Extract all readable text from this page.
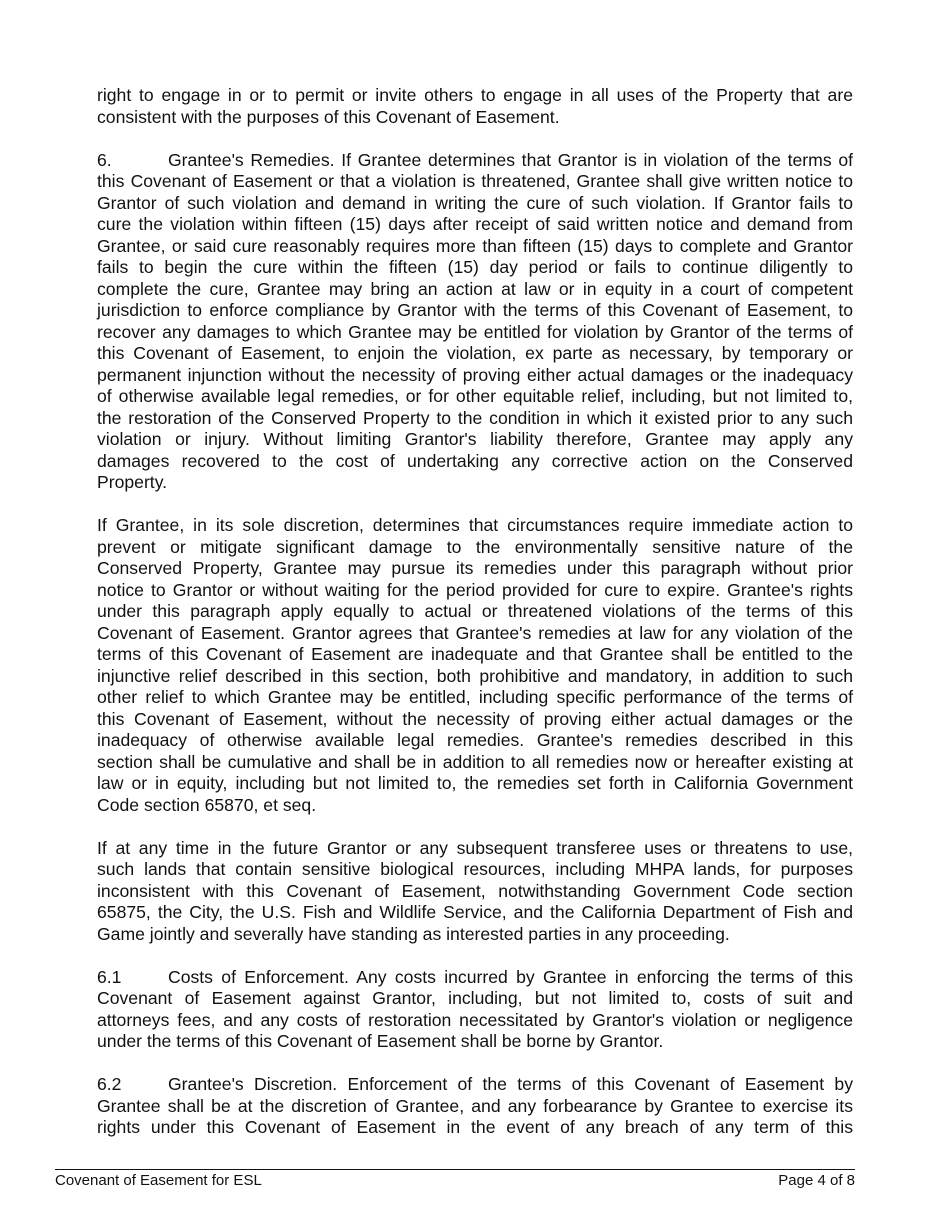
right to engage in or to permit or invite others to engage in all uses of the Property that are
consistent with the purposes of this Covenant of Easement.
6.	Grantee's Remedies. If Grantee determines that Grantor is in violation of the terms of
this Covenant of Easement or that a violation is threatened, Grantee shall give written notice to
Grantor of such violation and demand in writing the cure of such violation. If Grantor fails to
cure the violation within fifteen (15) days after receipt of said written notice and demand from
Grantee, or said cure reasonably requires more than fifteen (15) days to complete and Grantor
fails to begin the cure within the fifteen (15) day period or fails to continue diligently to
complete the cure, Grantee may bring an action at law or in equity in a court of competent
jurisdiction to enforce compliance by Grantor with the terms of this Covenant of Easement, to
recover any damages to which Grantee may be entitled for violation by Grantor of the terms of
this Covenant of Easement, to enjoin the violation, ex parte as necessary, by temporary or
permanent injunction without the necessity of proving either actual damages or the inadequacy
of otherwise available legal remedies, or for other equitable relief, including, but not limited to,
the restoration of the Conserved Property to the condition in which it existed prior to any such
violation or injury. Without limiting Grantor's liability therefore, Grantee may apply any
damages recovered to the cost of undertaking any corrective action on the Conserved
Property.
If Grantee, in its sole discretion, determines that circumstances require immediate action to
prevent or mitigate significant damage to the environmentally sensitive nature of the
Conserved Property, Grantee may pursue its remedies under this paragraph without prior
notice to Grantor or without waiting for the period provided for cure to expire. Grantee's rights
under this paragraph apply equally to actual or threatened violations of the terms of this
Covenant of Easement. Grantor agrees that Grantee's remedies at law for any violation of the
terms of this Covenant of Easement are inadequate and that Grantee shall be entitled to the
injunctive relief described in this section, both prohibitive and mandatory, in addition to such
other relief to which Grantee may be entitled, including specific performance of the terms of
this Covenant of Easement, without the necessity of proving either actual damages or the
inadequacy of otherwise available legal remedies. Grantee's remedies described in this
section shall be cumulative and shall be in addition to all remedies now or hereafter existing at
law or in equity, including but not limited to, the remedies set forth in California Government
Code section 65870, et seq.
If at any time in the future Grantor or any subsequent transferee uses or threatens to use,
such lands that contain sensitive biological resources, including MHPA lands, for purposes
inconsistent with this Covenant of Easement, notwithstanding Government Code section
65875, the City, the U.S. Fish and Wildlife Service, and the California Department of Fish and
Game jointly and severally have standing as interested parties in any proceeding.
6.1	Costs of Enforcement. Any costs incurred by Grantee in enforcing the terms of this
Covenant of Easement against Grantor, including, but not limited to, costs of suit and
attorneys fees, and any costs of restoration necessitated by Grantor's violation or negligence
under the terms of this Covenant of Easement shall be borne by Grantor.
6.2	Grantee's Discretion. Enforcement of the terms of this Covenant of Easement by
Grantee shall be at the discretion of Grantee, and any forbearance by Grantee to exercise its
rights under this Covenant of Easement in the event of any breach of any term of this
Covenant of Easement for ESL	Page 4 of 8
